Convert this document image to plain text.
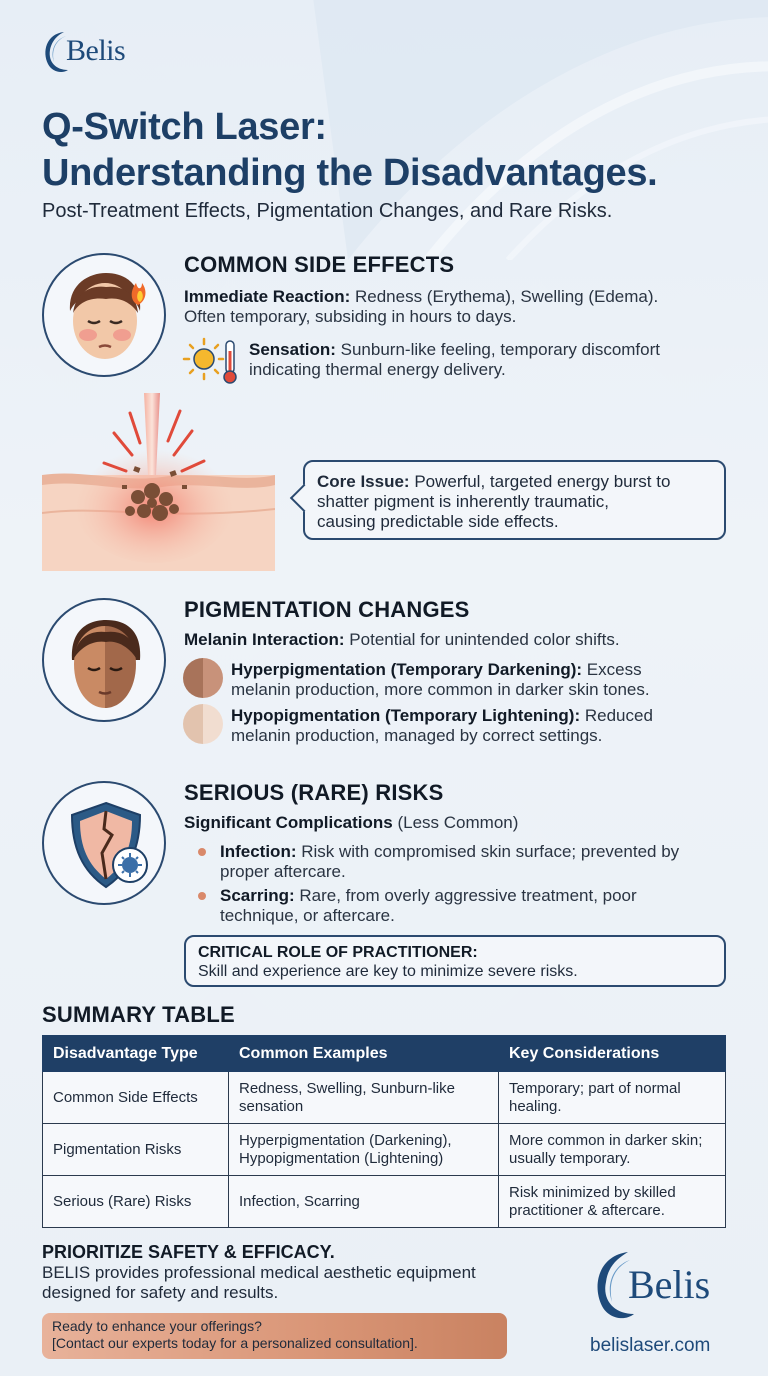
Belis
Q-Switch Laser:
Understanding the Disadvantages.
Post-Treatment Effects, Pigmentation Changes, and Rare Risks.
COMMON SIDE EFFECTS
Immediate Reaction: Redness (Erythema), Swelling (Edema).
Often temporary, subsiding in hours to days.
Sensation: Sunburn-like feeling, temporary discomfort
indicating thermal energy delivery.
Core Issue: Powerful, targeted energy burst to
shatter pigment is inherently traumatic,
causing predictable side effects.
PIGMENTATION CHANGES
Melanin Interaction: Potential for unintended color shifts.
Hyperpigmentation (Temporary Darkening): Excess
melanin production, more common in darker skin tones.
Hypopigmentation (Temporary Lightening): Reduced
melanin production, managed by correct settings.
SERIOUS (RARE) RISKS
Significant Complications (Less Common)
Infection: Risk with compromised skin surface; prevented by
proper aftercare.
Scarring: Rare, from overly aggressive treatment, poor
technique, or aftercare.
CRITICAL ROLE OF PRACTITIONER:
Skill and experience are key to minimize severe risks.
SUMMARY TABLE
Disadvantage Type	Common Examples	Key Considerations
Common Side Effects	Redness, Swelling, Sunburn-like sensation	Temporary; part of normal healing.
Pigmentation Risks	Hyperpigmentation (Darkening), Hypopigmentation (Lightening)	More common in darker skin; usually temporary.
Serious (Rare) Risks	Infection, Scarring	Risk minimized by skilled practitioner & aftercare.
PRIORITIZE SAFETY & EFFICACY.
BELIS provides professional medical aesthetic equipment designed for safety and results.
Ready to enhance your offerings?
[Contact our experts today for a personalized consultation].
Belis
belislaser.com
